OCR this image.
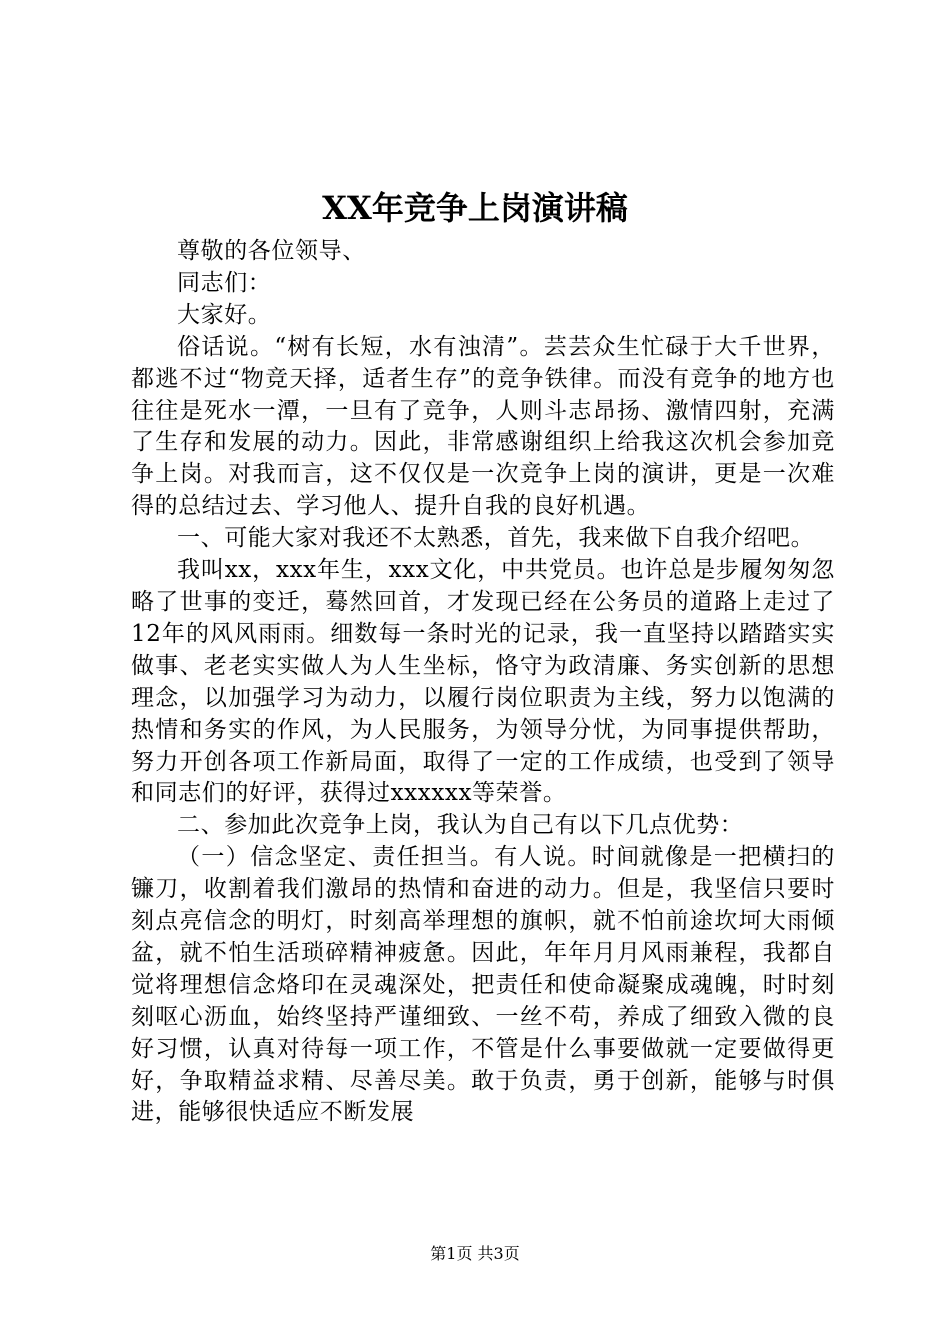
XX年竞争上岗演讲稿

尊敬的各位领导、

同志们：

大家好。

俗话说。“树有长短，水有浊清”。芸芸众生忙碌于大千世界，都逃不过“物竞天择，适者生存”的竞争铁律。而没有竞争的地方也往往是死水一潭，一旦有了竞争，人则斗志昂扬、激情四射，充满了生存和发展的动力。因此，非常感谢组织上给我这次机会参加竞争上岗。对我而言，这不仅仅是一次竞争上岗的演讲，更是一次难得的总结过去、学习他人、提升自我的良好机遇。

一、可能大家对我还不太熟悉，首先，我来做下自我介绍吧。

我叫xx，xxx年生，xxx文化，中共党员。也许总是步履匆匆忽略了世事的变迁，蓦然回首，才发现已经在公务员的道路上走过了12年的风风雨雨。细数每一条时光的记录，我一直坚持以踏踏实实做事、老老实实做人为人生坐标，恪守为政清廉、务实创新的思想理念，以加强学习为动力，以履行岗位职责为主线，努力以饱满的热情和务实的作风，为人民服务，为领导分忧，为同事提供帮助，努力开创各项工作新局面，取得了一定的工作成绩，也受到了领导和同志们的好评，获得过xxxxxx等荣誉。

二、参加此次竞争上岗，我认为自己有以下几点优势：

（一）信念坚定、责任担当。有人说。时间就像是一把横扫的镰刀，收割着我们激昂的热情和奋进的动力。但是，我坚信只要时刻点亮信念的明灯，时刻高举理想的旗帜，就不怕前途坎坷大雨倾盆，就不怕生活琐碎精神疲惫。因此，年年月月风雨兼程，我都自觉将理想信念烙印在灵魂深处，把责任和使命凝聚成魂魄，时时刻刻呕心沥血，始终坚持严谨细致、一丝不苟，养成了细致入微的良好习惯，认真对待每一项工作，不管是什么事要做就一定要做得更好，争取精益求精、尽善尽美。敢于负责，勇于创新，能够与时俱进，能够很快适应不断发展

第1页 共3页
